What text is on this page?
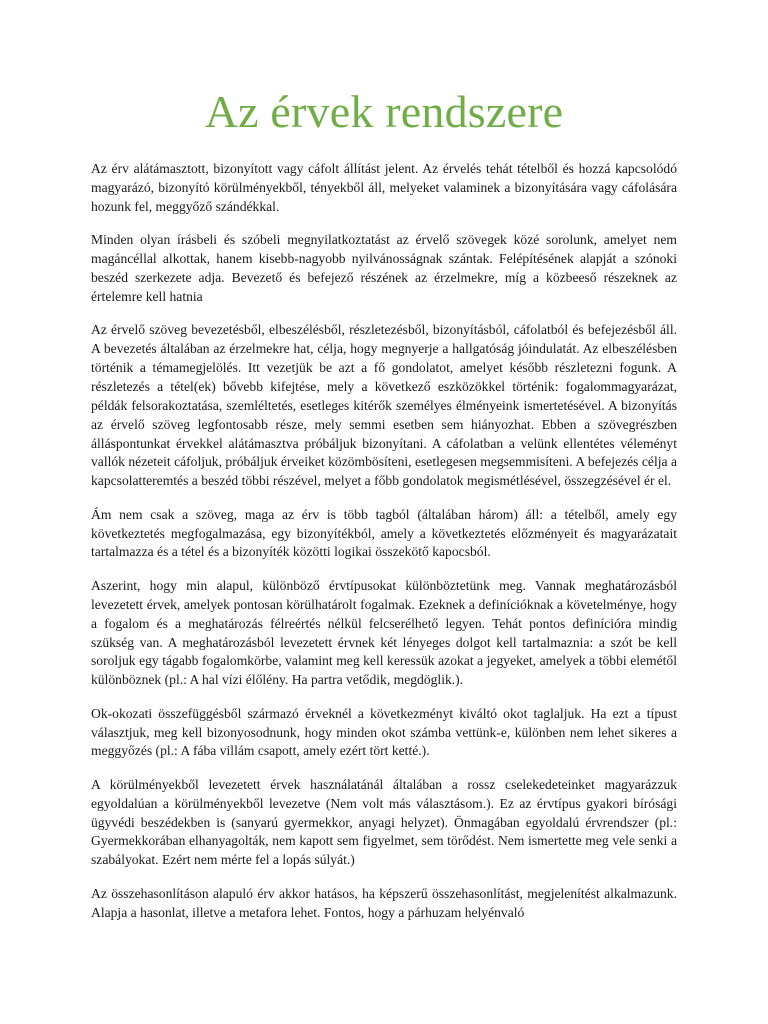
Az érvek rendszere

Az érv alátámasztott, bizonyított vagy cáfolt állítást jelent. Az érvelés tehát tételből és hozzá kapcsolódó magyarázó, bizonyító körülményekből, tényekből áll, melyeket valaminek a bizonyítására vagy cáfolására hozunk fel, meggyőző szándékkal.

Minden olyan írásbeli és szóbeli megnyilatkoztatást az érvelő szövegek közé sorolunk, amelyet nem magáncéllal alkottak, hanem kisebb-nagyobb nyilvánosságnak szántak. Felépítésének alapját a szónoki beszéd szerkezete adja. Bevezető és befejező részének az érzelmekre, míg a közbeeső részeknek az értelemre kell hatnia

Az érvelő szöveg bevezetésből, elbeszélésből, részletezésből, bizonyításból, cáfolatból és befejezésből áll. A bevezetés általában az érzelmekre hat, célja, hogy megnyerje a hallgatóság jóindulatát. Az elbeszélésben történik a témamegjelölés. Itt vezetjük be azt a fő gondolatot, amelyet később részletezni fogunk. A részletezés a tétel(ek) bővebb kifejtése, mely a következő eszközökkel történik: fogalommagyarázat, példák felsorakoztatása, szemléltetés, esetleges kitérők személyes élményeink ismertetésével. A bizonyítás az érvelő szöveg legfontosabb része, mely semmi esetben sem hiányozhat. Ebben a szövegrészben álláspontunkat érvekkel alátámasztva próbáljuk bizonyítani. A cáfolatban a velünk ellentétes véleményt vallók nézeteit cáfoljuk, próbáljuk érveiket közömbösíteni, esetlegesen megsemmisíteni. A befejezés célja a kapcsolatteremtés a beszéd többi részével, melyet a főbb gondolatok megismétlésével, összegzésével ér el.

Ám nem csak a szöveg, maga az érv is több tagból (általában három) áll: a tételből, amely egy következtetés megfogalmazása, egy bizonyítékból, amely a következtetés előzményeit és magyarázatait tartalmazza és a tétel és a bizonyíték közötti logikai összekötő kapocsból.

Aszerint, hogy min alapul, különböző érvtípusokat különböztetünk meg. Vannak meghatározásból levezetett érvek, amelyek pontosan körülhatárolt fogalmak. Ezeknek a definícióknak a követelménye, hogy a fogalom és a meghatározás félreértés nélkül felcserélhető legyen. Tehát pontos definícióra mindig szükség van. A meghatározásból levezetett érvnek két lényeges dolgot kell tartalmaznia: a szót be kell soroljuk egy tágabb fogalomkörbe, valamint meg kell keressük azokat a jegyeket, amelyek a többi elemétől különböznek (pl.: A hal vízi élőlény. Ha partra vetődik, megdöglik.).

Ok-okozati összefüggésből származó érveknél a következményt kiváltó okot taglaljuk. Ha ezt a típust választjuk, meg kell bizonyosodnunk, hogy minden okot számba vettünk-e, különben nem lehet sikeres a meggyőzés (pl.: A fába villám csapott, amely ezért tört ketté.).

A körülményekből levezetett érvek használatánál általában a rossz cselekedeteinket magyarázzuk egyoldalúan a körülményekből levezetve (Nem volt más választásom.). Ez az érvtípus gyakori bírósági ügyvédi beszédekben is (sanyarú gyermekkor, anyagi helyzet). Önmagában egyoldalú érvrendszer (pl.: Gyermekkorában elhanyagolták, nem kapott sem figyelmet, sem törődést. Nem ismertette meg vele senki a szabályokat. Ezért nem mérte fel a lopás súlyát.)

Az összehasonlításon alapuló érv akkor hatásos, ha képszerű összehasonlítást, megjelenítést alkalmazunk. Alapja a hasonlat, illetve a metafora lehet. Fontos, hogy a párhuzam helyénvaló
